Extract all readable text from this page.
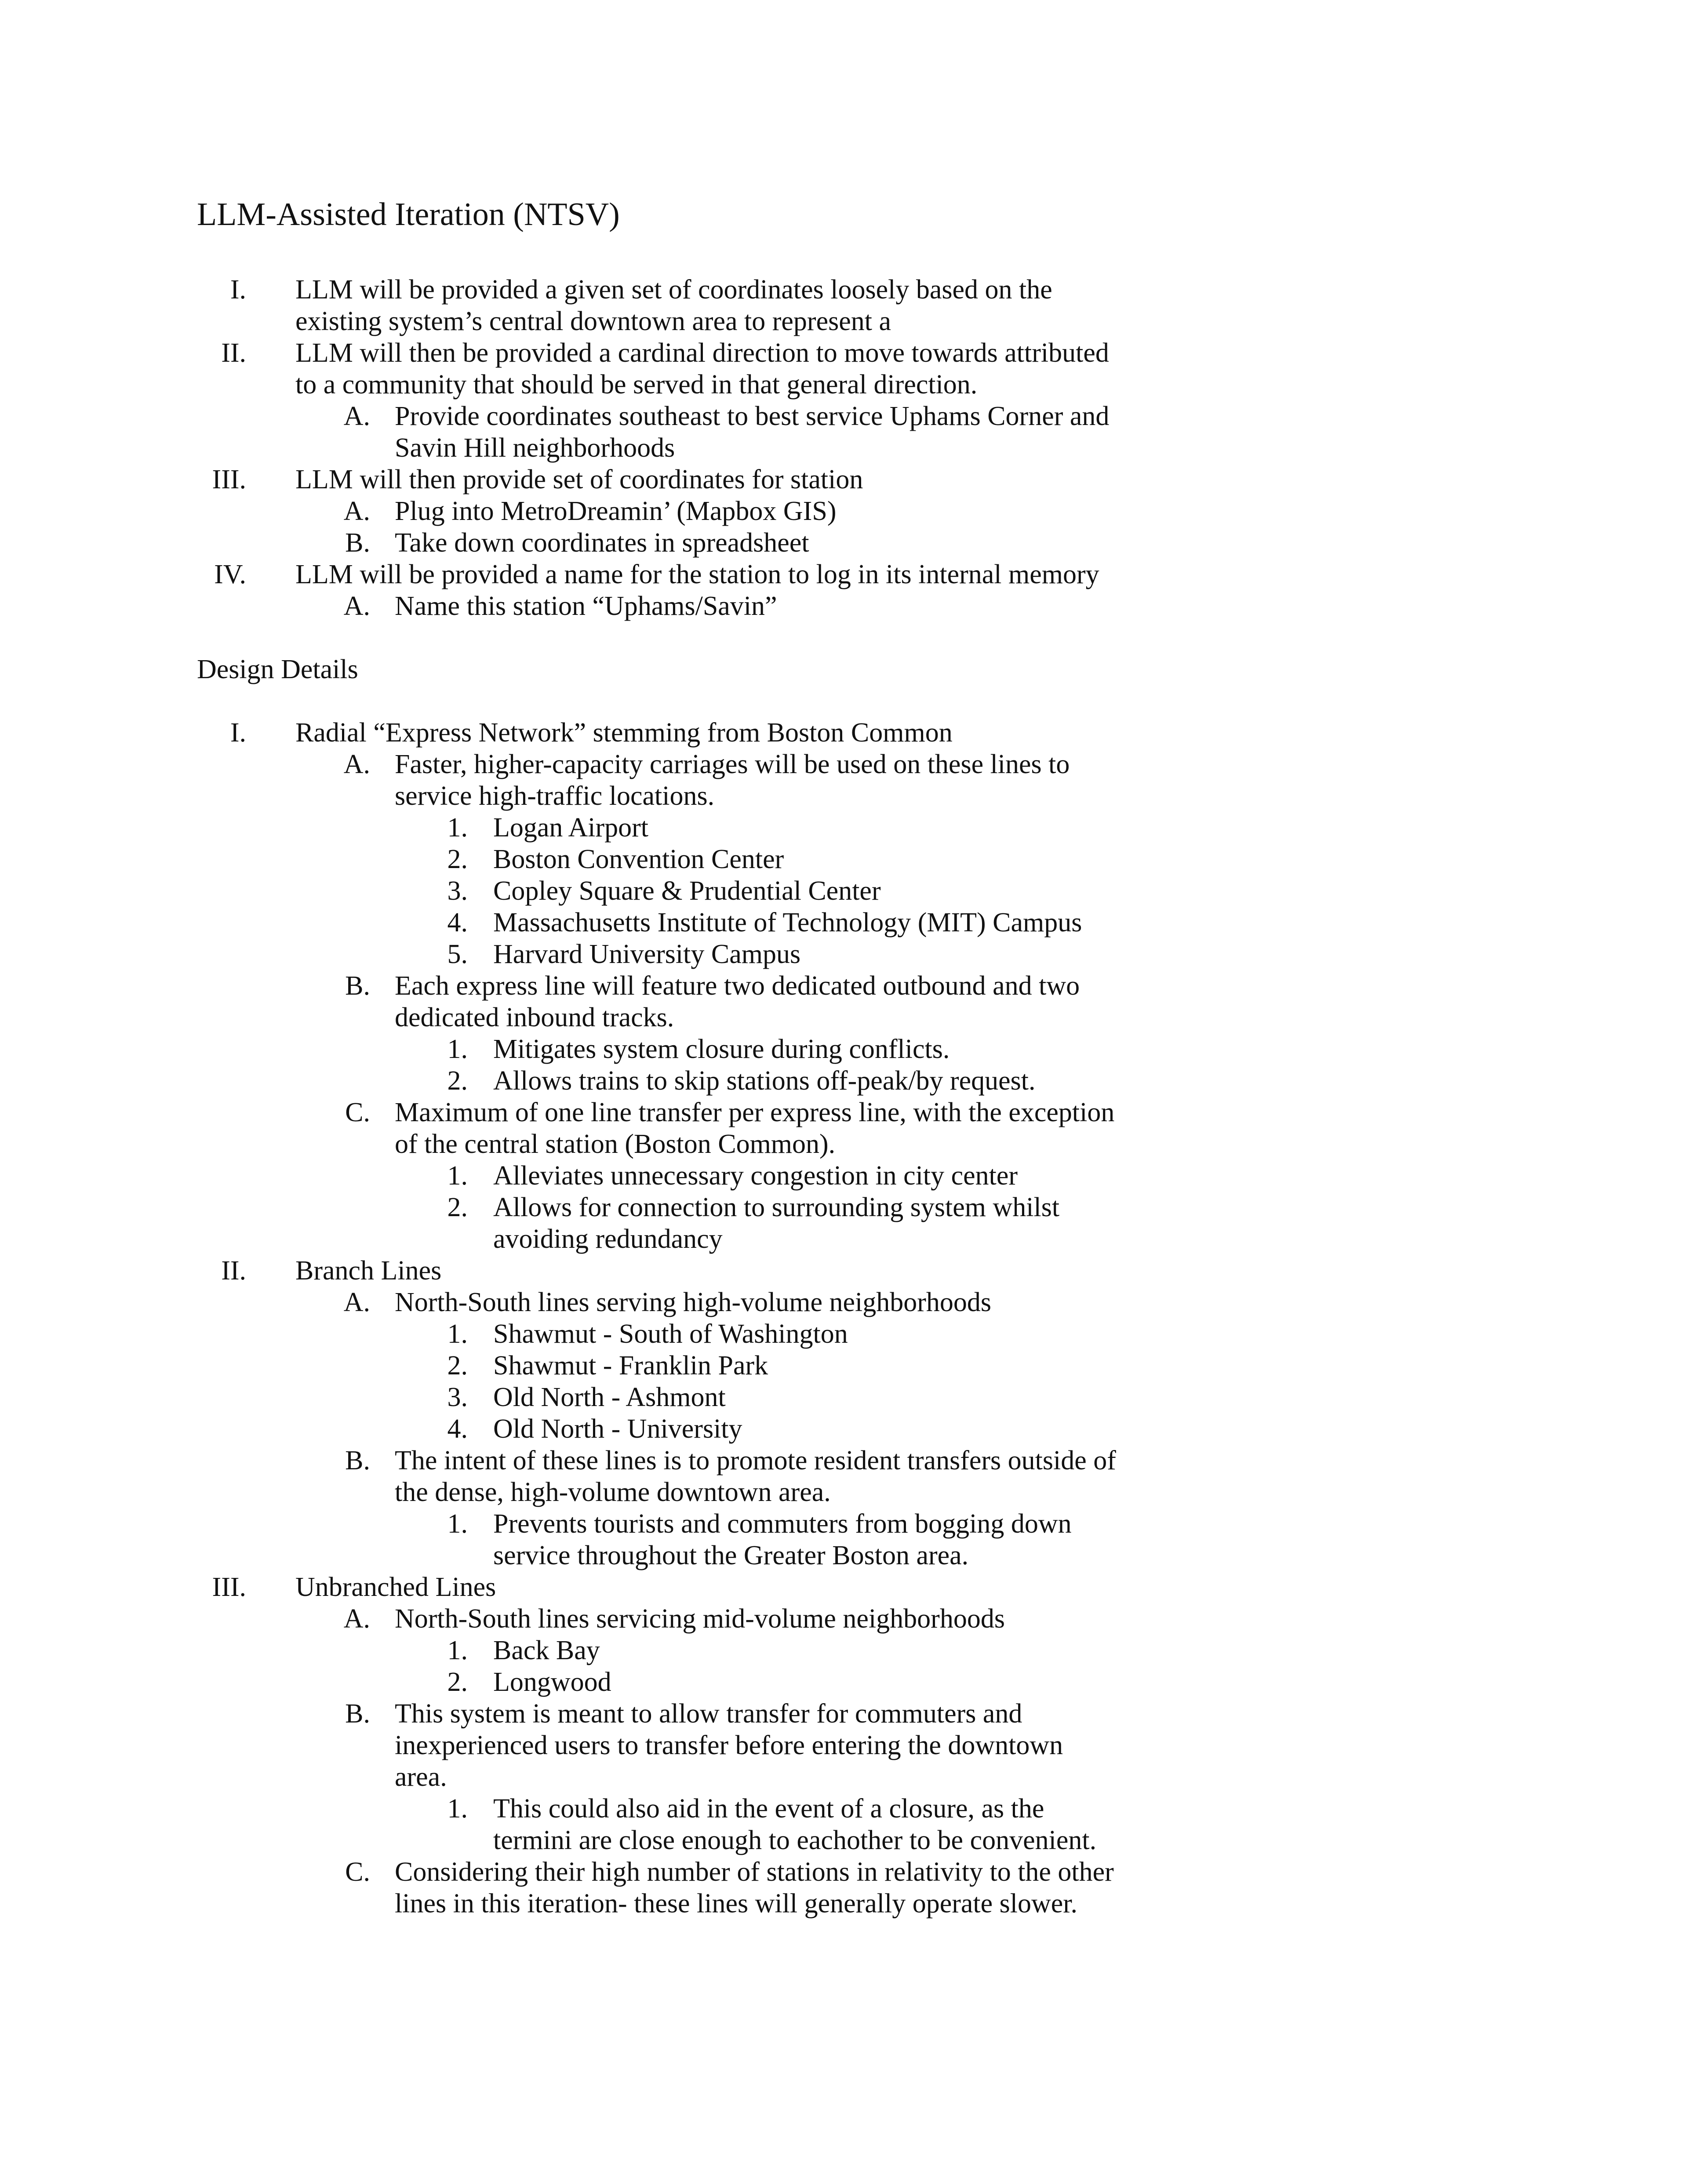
LLM-Assisted Iteration (NTSV)
I. LLM will be provided a given set of coordinates loosely based on the
existing system’s central downtown area to represent a
II. LLM will then be provided a cardinal direction to move towards attributed
to a community that should be served in that general direction.
A. Provide coordinates southeast to best service Uphams Corner and
Savin Hill neighborhoods
III. LLM will then provide set of coordinates for station
A. Plug into MetroDreamin’ (Mapbox GIS)
B. Take down coordinates in spreadsheet
IV. LLM will be provided a name for the station to log in its internal memory
A. Name this station “Uphams/Savin”
Design Details
I. Radial “Express Network” stemming from Boston Common
A. Faster, higher-capacity carriages will be used on these lines to
service high-traffic locations.
1. Logan Airport
2. Boston Convention Center
3. Copley Square & Prudential Center
4. Massachusetts Institute of Technology (MIT) Campus
5. Harvard University Campus
B. Each express line will feature two dedicated outbound and two
dedicated inbound tracks.
1. Mitigates system closure during conflicts.
2. Allows trains to skip stations off-peak/by request.
C. Maximum of one line transfer per express line, with the exception
of the central station (Boston Common).
1. Alleviates unnecessary congestion in city center
2. Allows for connection to surrounding system whilst
avoiding redundancy
II. Branch Lines
A. North-South lines serving high-volume neighborhoods
1. Shawmut - South of Washington
2. Shawmut - Franklin Park
3. Old North - Ashmont
4. Old North - University
B. The intent of these lines is to promote resident transfers outside of
the dense, high-volume downtown area.
1. Prevents tourists and commuters from bogging down
service throughout the Greater Boston area.
III. Unbranched Lines
A. North-South lines servicing mid-volume neighborhoods
1. Back Bay
2. Longwood
B. This system is meant to allow transfer for commuters and
inexperienced users to transfer before entering the downtown
area.
1. This could also aid in the event of a closure, as the
termini are close enough to eachother to be convenient.
C. Considering their high number of stations in relativity to the other
lines in this iteration- these lines will generally operate slower.
